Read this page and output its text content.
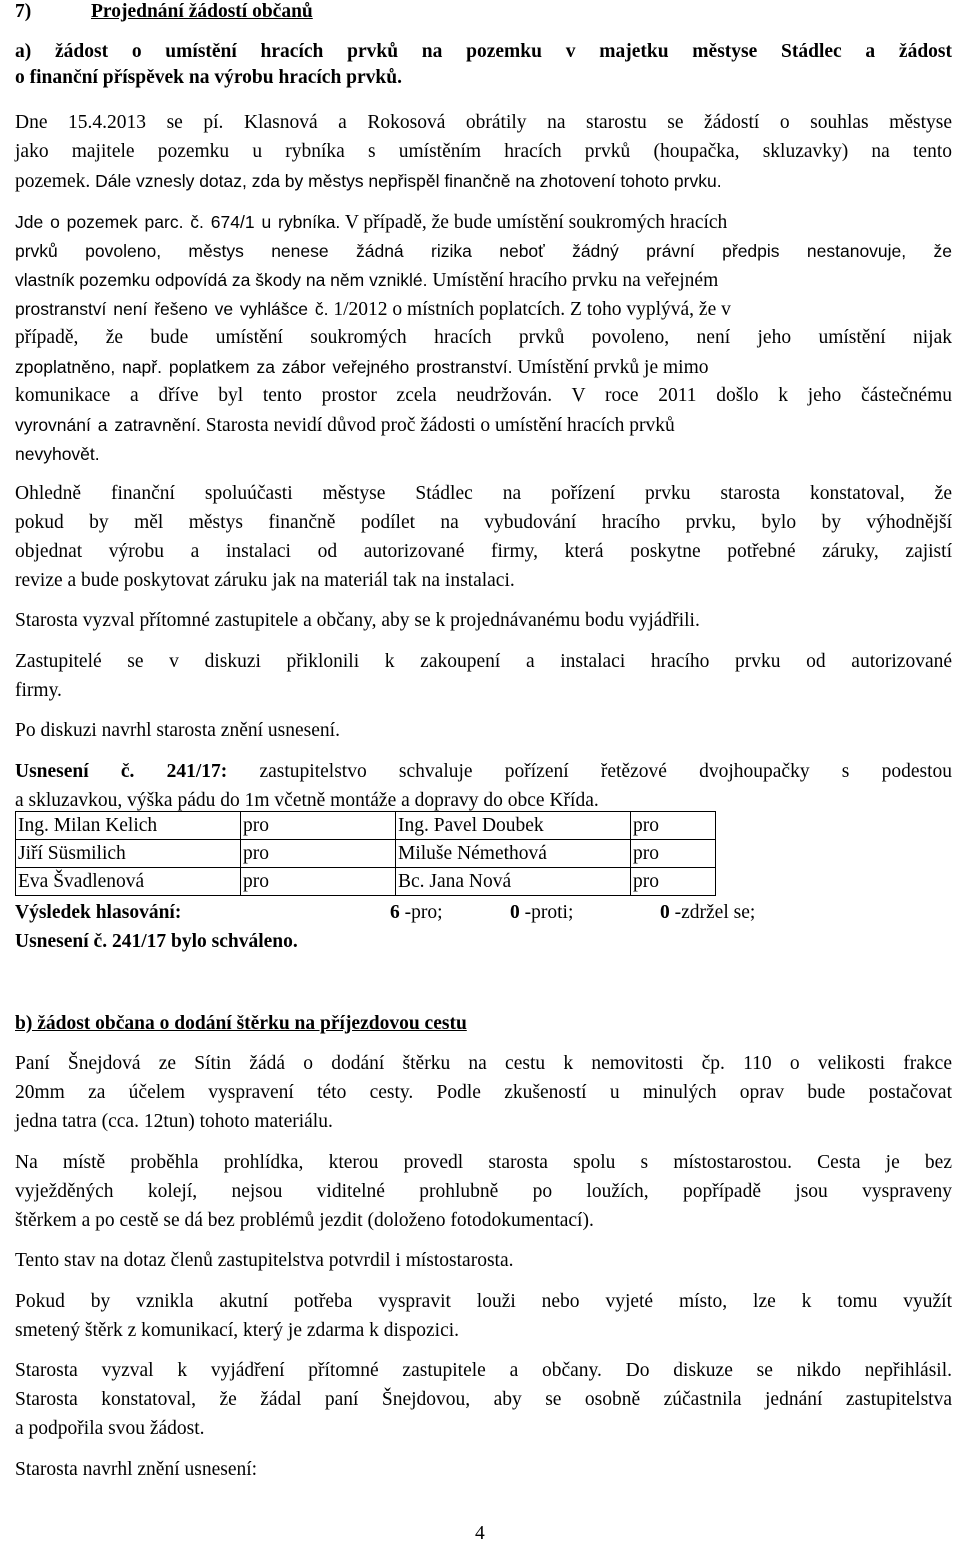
7)	Projednání žádostí občanů
a) žádost o umístění hracích prvků na pozemku v majetku městyse Stádlec a žádost
o finanční příspěvek na výrobu hracích prvků.
Dne 15.4.2013 se pí. Klasnová a Rokosová obrátily na starostu se žádostí o souhlas městyse
jako majitele pozemku u rybníka s umístěním hracích prvků (houpačka, skluzavky) na tento
pozemek. Dále vznesly dotaz, zda by městys nepřispěl finančně na zhotovení tohoto prvku.
Jde o pozemek parc. č. 674/1 u rybníka. V případě, že bude umístění soukromých hracích
prvků povoleno, městys nenese žádná rizika neboť žádný právní předpis nestanovuje, že
vlastník pozemku odpovídá za škody na něm vzniklé. Umístění hracího prvku na veřejném
prostranství není řešeno ve vyhlášce č. 1/2012 o místních poplatcích. Z toho vyplývá, že v
případě, že bude umístění soukromých hracích prvků povoleno, není jeho umístění nijak
zpoplatněno, např. poplatkem za zábor veřejného prostranství. Umístění prvků je mimo
komunikace a dříve byl tento prostor zcela neudržován. V roce 2011 došlo k jeho částečnému
vyrovnání a zatravnění. Starosta nevidí důvod proč žádosti o umístění hracích prvků
nevyhovět.
Ohledně finanční spoluúčasti městyse Stádlec na pořízení prvku starosta konstatoval, že
pokud by měl městys finančně podílet na vybudování hracího prvku, bylo by výhodnější
objednat výrobu a instalaci od autorizované firmy, která poskytne potřebné záruky, zajistí
revize a bude poskytovat záruku jak na materiál tak na instalaci.
Starosta vyzval přítomné zastupitele a občany, aby se k projednávanému bodu vyjádřili.
Zastupitelé se v diskuzi přiklonili k zakoupení a instalaci hracího prvku od autorizované
firmy.
Po diskuzi navrhl starosta znění usnesení.
Usnesení č. 241/17: zastupitelstvo schvaluje pořízení řetězové dvojhoupačky s podestou
a skluzavkou, výška pádu do 1m včetně montáže a dopravy do obce Křída.
Ing. Milan Kelich	pro	Ing. Pavel Doubek	pro
Jiří Süsmilich	pro	Miluše Némethová	pro
Eva Švadlenová	pro	Bc. Jana Nová	pro
Výsledek hlasování:	6 -pro;	0 -proti;	0 -zdržel se;
Usnesení č. 241/17 bylo schváleno.
b) žádost občana o dodání štěrku na příjezdovou cestu
Paní Šnejdová ze Sítin žádá o dodání štěrku na cestu k nemovitosti čp. 110 o velikosti frakce
20mm za účelem vyspravení této cesty. Podle zkušeností u minulých oprav bude postačovat
jedna tatra (cca. 12tun) tohoto materiálu.
Na místě proběhla prohlídka, kterou provedl starosta spolu s místostarostou. Cesta je bez
vyježděných kolejí, nejsou viditelné prohlubně po loužích, popřípadě jsou vyspraveny
štěrkem a po cestě se dá bez problémů jezdit (doloženo fotodokumentací).
Tento stav na dotaz členů zastupitelstva potvrdil i místostarosta.
Pokud by vznikla akutní potřeba vyspravit louži nebo vyjeté místo, lze k tomu využít
smetený štěrk z komunikací, který je zdarma k dispozici.
Starosta vyzval k vyjádření přítomné zastupitele a občany. Do diskuze se nikdo nepřihlásil.
Starosta konstatoval, že žádal paní Šnejdovou, aby se osobně zúčastnila jednání zastupitelstva
a podpořila svou žádost.
Starosta navrhl znění usnesení:
4
